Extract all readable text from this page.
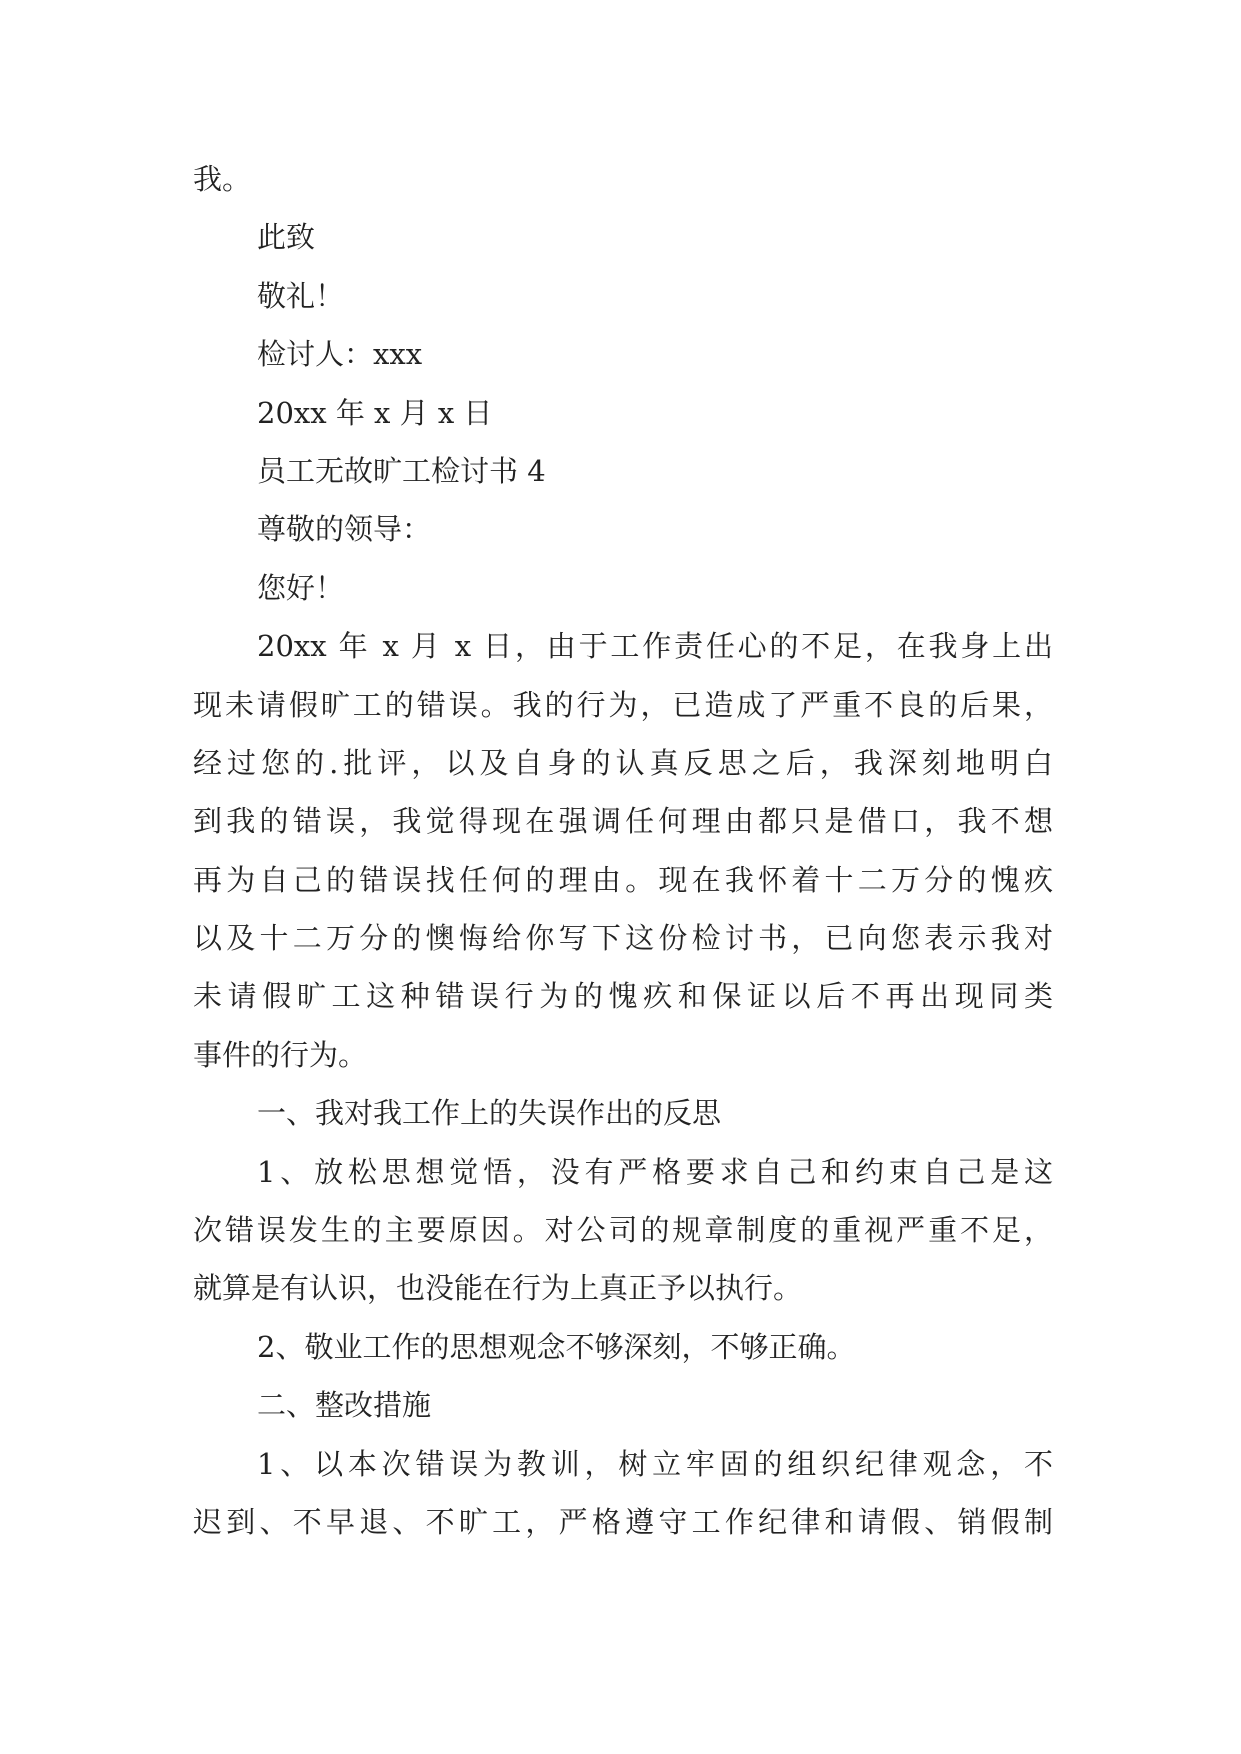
我。
此致
敬礼！
检讨人：xxx
20xx 年 x 月 x 日
员工无故旷工检讨书 4
尊敬的领导：
您好！
20xx 年 x 月 x 日，由于工作责任心的不足，在我身上出
现未请假旷工的错误。我的行为，已造成了严重不良的后果，
经过您的.批评，以及自身的认真反思之后，我深刻地明白
到我的错误，我觉得现在强调任何理由都只是借口，我不想
再为自己的错误找任何的理由。现在我怀着十二万分的愧疚
以及十二万分的懊悔给你写下这份检讨书，已向您表示我对
未请假旷工这种错误行为的愧疚和保证以后不再出现同类
事件的行为。
一、我对我工作上的失误作出的反思
1、放松思想觉悟，没有严格要求自己和约束自己是这
次错误发生的主要原因。对公司的规章制度的重视严重不足，
就算是有认识，也没能在行为上真正予以执行。
2、敬业工作的思想观念不够深刻，不够正确。
二、整改措施
1、以本次错误为教训，树立牢固的组织纪律观念，不
迟到、不早退、不旷工，严格遵守工作纪律和请假、销假制
